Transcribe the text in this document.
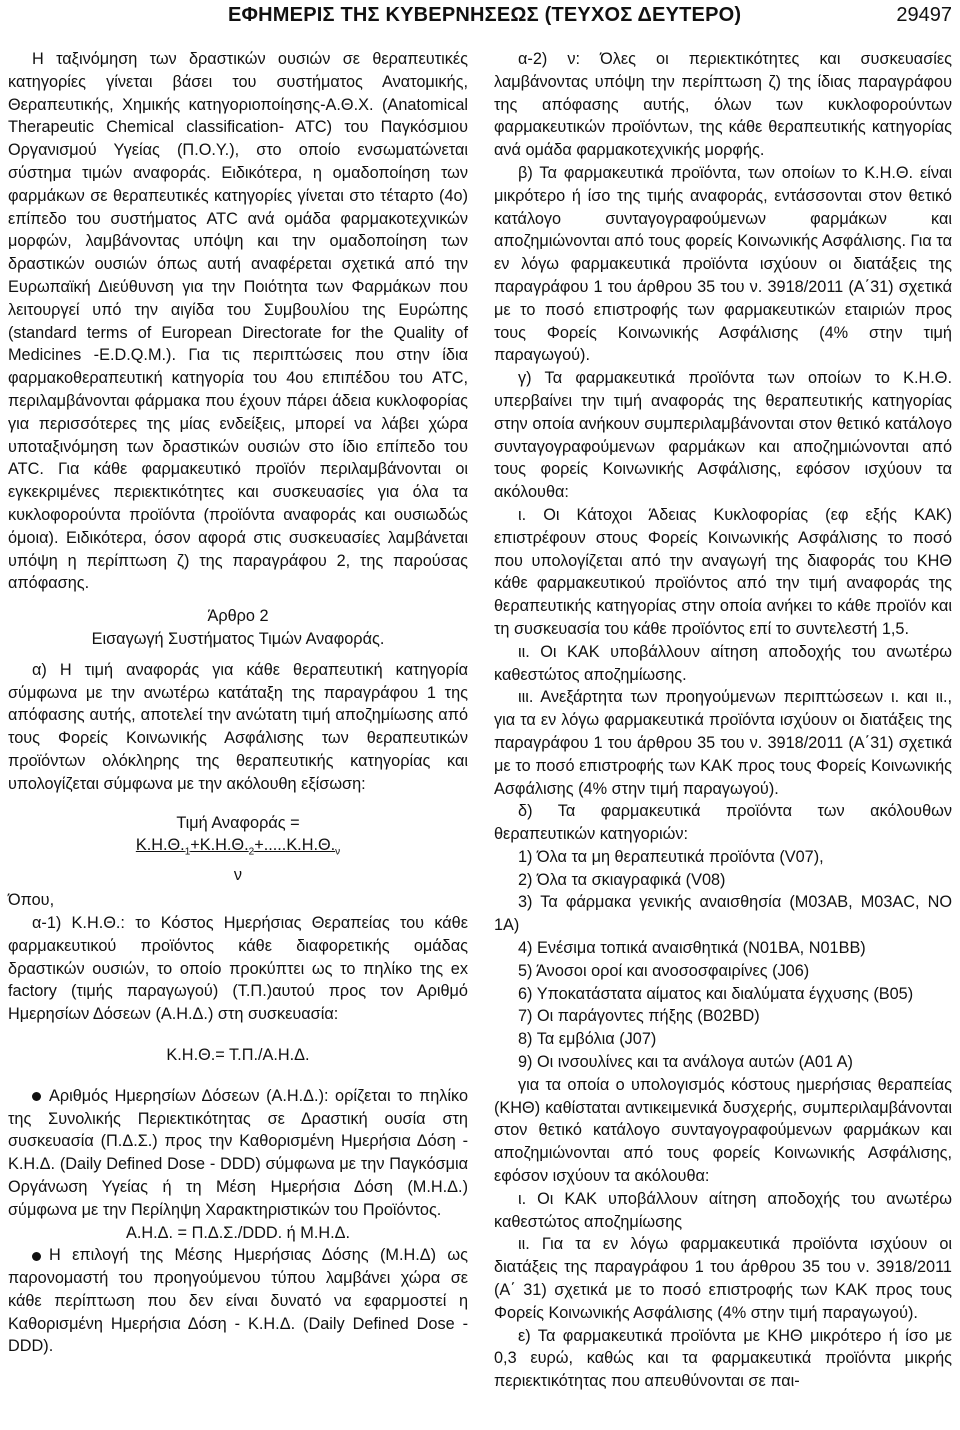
ΕΦΗΜΕΡΙΣ ΤΗΣ ΚΥΒΕΡΝΗΣΕΩΣ (ΤΕΥΧΟΣ ΔΕΥΤΕΡΟ)	29497

Η ταξινόμηση των δραστικών ουσιών σε θεραπευτικές κατηγορίες γίνεται βάσει του συστήματος Ανατομικής, Θεραπευτικής, Χημικής κατηγοριοποίησης-Α.Θ.Χ. (Anatomical Therapeutic Chemical classification- ATC) του Παγκόσμιου Οργανισμού Υγείας (Π.Ο.Υ.), στο οποίο ενσωματώνεται σύστημα τιμών αναφοράς. Ειδικότερα, η ομαδοποίηση των φαρμάκων σε θεραπευτικές κατηγορίες γίνεται στο τέταρτο (4ο) επίπεδο του συστήματος ATC ανά ομάδα φαρμακοτεχνικών μορφών, λαμβάνοντας υπόψη και την ομαδοποίηση των δραστικών ουσιών όπως αυτή αναφέρεται σχετικά από την Ευρωπαϊκή Διεύθυνση για την Ποιότητα των Φαρμάκων που λειτουργεί υπό την αιγίδα του Συμβουλίου της Ευρώπης (standard terms of European Directorate for the Quality of Medicines -E.D.Q.M.). Για τις περιπτώσεις που στην ίδια φαρμακοθεραπευτική κατηγορία του 4ου επιπέδου του ATC, περιλαμβάνονται φάρμακα που έχουν πάρει άδεια κυκλοφορίας για περισσότερες της μίας ενδείξεις, μπορεί να λάβει χώρα υποταξινόμηση των δραστικών ουσιών στο ίδιο επίπεδο του ATC. Για κάθε φαρμακευτικό προϊόν περιλαμβάνονται οι εγκεκριμένες περιεκτικότητες και συσκευασίες για όλα τα κυκλοφορούντα προϊόντα (προϊόντα αναφοράς και ουσιωδώς όμοια). Ειδικότερα, όσον αφορά στις συσκευασίες λαμβάνεται υπόψη η περίπτωση ζ) της παραγράφου 2, της παρούσας απόφασης.

Άρθρο 2

Εισαγωγή Συστήματος Τιμών Αναφοράς.

α) Η τιμή αναφοράς για κάθε θεραπευτική κατηγορία σύμφωνα με την ανωτέρω κατάταξη της παραγράφου 1 της απόφασης αυτής, αποτελεί την ανώτατη τιμή αποζημίωσης από τους Φορείς Κοινωνικής Ασφάλισης των θεραπευτικών προϊόντων ολόκληρης της θεραπευτικής κατηγορίας και υπολογίζεται σύμφωνα με την ακόλουθη εξίσωση:

Τιμή Αναφοράς =
$K.H.\Theta._1+K.H.\Theta._2+.....K.H.\Theta._\nu$
ν

Όπου,

α-1) Κ.Η.Θ.: το Κόστος Ημερήσιας Θεραπείας του κάθε φαρμακευτικού προϊόντος κάθε διαφορετικής ομάδας δραστικών ουσιών, το οποίο προκύπτει ως το πηλίκο της ex factory (τιμής παραγωγού) (Τ.Π.)αυτού προς τον Αριθμό Ημερησίων Δόσεων (Α.Η.Δ.) στη συσκευασία:

Κ.Η.Θ.= Τ.Π./Α.Η.Δ.

Αριθμός Ημερησίων Δόσεων (Α.Η.Δ.): ορίζεται το πηλίκο της Συνολικής Περιεκτικότητας σε Δραστική ουσία στη συσκευασία (Π.Δ.Σ.) προς την Καθορισμένη Ημερήσια Δόση - Κ.Η.Δ. (Daily Defined Dose - DDD) σύμφωνα με την Παγκόσμια Οργάνωση Υγείας ή τη Μέση Ημερήσια Δόση (Μ.Η.Δ.) σύμφωνα με την Περίληψη Χαρακτηριστικών του Προϊόντος.

Α.Η.Δ. = Π.Δ.Σ./DDD. ή Μ.Η.Δ.

Η επιλογή της Μέσης Ημερήσιας Δόσης (Μ.Η.Δ) ως παρονομαστή του προηγούμενου τύπου λαμβάνει χώρα σε κάθε περίπτωση που δεν είναι δυνατό να εφαρμοστεί η Καθορισμένη Ημερήσια Δόση - Κ.Η.Δ. (Daily Defined Dose - DDD).

α-2) ν: Όλες οι περιεκτικότητες και συσκευασίες λαμβάνοντας υπόψη την περίπτωση ζ) της ίδιας παραγράφου της απόφασης αυτής, όλων των κυκλοφορούντων φαρμακευτικών προϊόντων, της κάθε θεραπευτικής κατηγορίας ανά ομάδα φαρμακοτεχνικής μορφής.

β) Τα φαρμακευτικά προϊόντα, των οποίων το Κ.Η.Θ. είναι μικρότερο ή ίσο της τιμής αναφοράς, εντάσσονται στον θετικό κατάλογο συνταγογραφούμενων φαρμάκων και αποζημιώνονται από τους φορείς Κοινωνικής Ασφάλισης. Για τα εν λόγω φαρμακευτικά προϊόντα ισχύουν οι διατάξεις της παραγράφου 1 του άρθρου 35 του ν. 3918/2011 (Α΄31) σχετικά με το ποσό επιστροφής των φαρμακευτικών εταιριών προς τους Φορείς Κοινωνικής Ασφάλισης (4% στην τιμή παραγωγού).

γ) Τα φαρμακευτικά προϊόντα των οποίων το Κ.Η.Θ. υπερβαίνει την τιμή αναφοράς της θεραπευτικής κατηγορίας στην οποία ανήκουν συμπεριλαμβάνονται στον θετικό κατάλογο συνταγογραφούμενων φαρμάκων και αποζημιώνονται από τους φορείς Κοινωνικής Ασφάλισης, εφόσον ισχύουν τα ακόλουθα:

ι. Οι Κάτοχοι Άδειας Κυκλοφορίας (εφ εξής ΚΑΚ) επιστρέφουν στους Φορείς Κοινωνικής Ασφάλισης το ποσό που υπολογίζεται από την αναγωγή της διαφοράς του ΚΗΘ κάθε φαρμακευτικού προϊόντος από την τιμή αναφοράς της θεραπευτικής κατηγορίας στην οποία ανήκει το κάθε προϊόν και τη συσκευασία του κάθε προϊόντος επί το συντελεστή 1,5.

ιι. Οι ΚΑΚ υποβάλλουν αίτηση αποδοχής του ανωτέρω καθεστώτος αποζημίωσης.

ιιι. Ανεξάρτητα των προηγούμενων περιπτώσεων ι. και ιι., για τα εν λόγω φαρμακευτικά προϊόντα ισχύουν οι διατάξεις της παραγράφου 1 του άρθρου 35 του ν. 3918/2011 (Α΄31) σχετικά με το ποσό επιστροφής των ΚΑΚ προς τους Φορείς Κοινωνικής Ασφάλισης (4% στην τιμή παραγωγού).

δ) Τα φαρμακευτικά προϊόντα των ακόλουθων θεραπευτικών κατηγοριών:

1) Όλα τα μη θεραπευτικά προϊόντα (V07),

2) Όλα τα σκιαγραφικά (V08)

3) Τα φάρμακα γενικής αναισθησία (M03AB, M03AC, NO 1A)

4) Ενέσιμα τοπικά αναισθητικά (N01BA, N01BB)

5) Άνοσοι οροί και ανοσοσφαιρίνες (J06)

6) Υποκατάστατα αίματος και διαλύματα έγχυσης (B05)

7) Οι παράγοντες πήξης (B02BD)

8) Τα εμβόλια (J07)

9) Οι ινσουλίνες και τα ανάλογα αυτών (A01 A)

για τα οποία ο υπολογισμός κόστους ημερήσιας θεραπείας (ΚΗΘ) καθίσταται αντικειμενικά δυσχερής, συμπεριλαμβάνονται στον θετικό κατάλογο συνταγογραφούμενων φαρμάκων και αποζημιώνονται από τους φορείς Κοινωνικής Ασφάλισης, εφόσον ισχύουν τα ακόλουθα:

ι. Οι ΚΑΚ υποβάλλουν αίτηση αποδοχής του ανωτέρω καθεστώτος αποζημίωσης

ιι. Για τα εν λόγω φαρμακευτικά προϊόντα ισχύουν οι διατάξεις της παραγράφου 1 του άρθρου 35 του ν. 3918/2011 (Α΄ 31) σχετικά με το ποσό επιστροφής των ΚΑΚ προς τους Φορείς Κοινωνικής Ασφάλισης (4% στην τιμή παραγωγού).

ε) Τα φαρμακευτικά προϊόντα με ΚΗΘ μικρότερο ή ίσο με 0,3 ευρώ, καθώς και τα φαρμακευτικά προϊόντα μικρής περιεκτικότητας που απευθύνονται σε παι-
